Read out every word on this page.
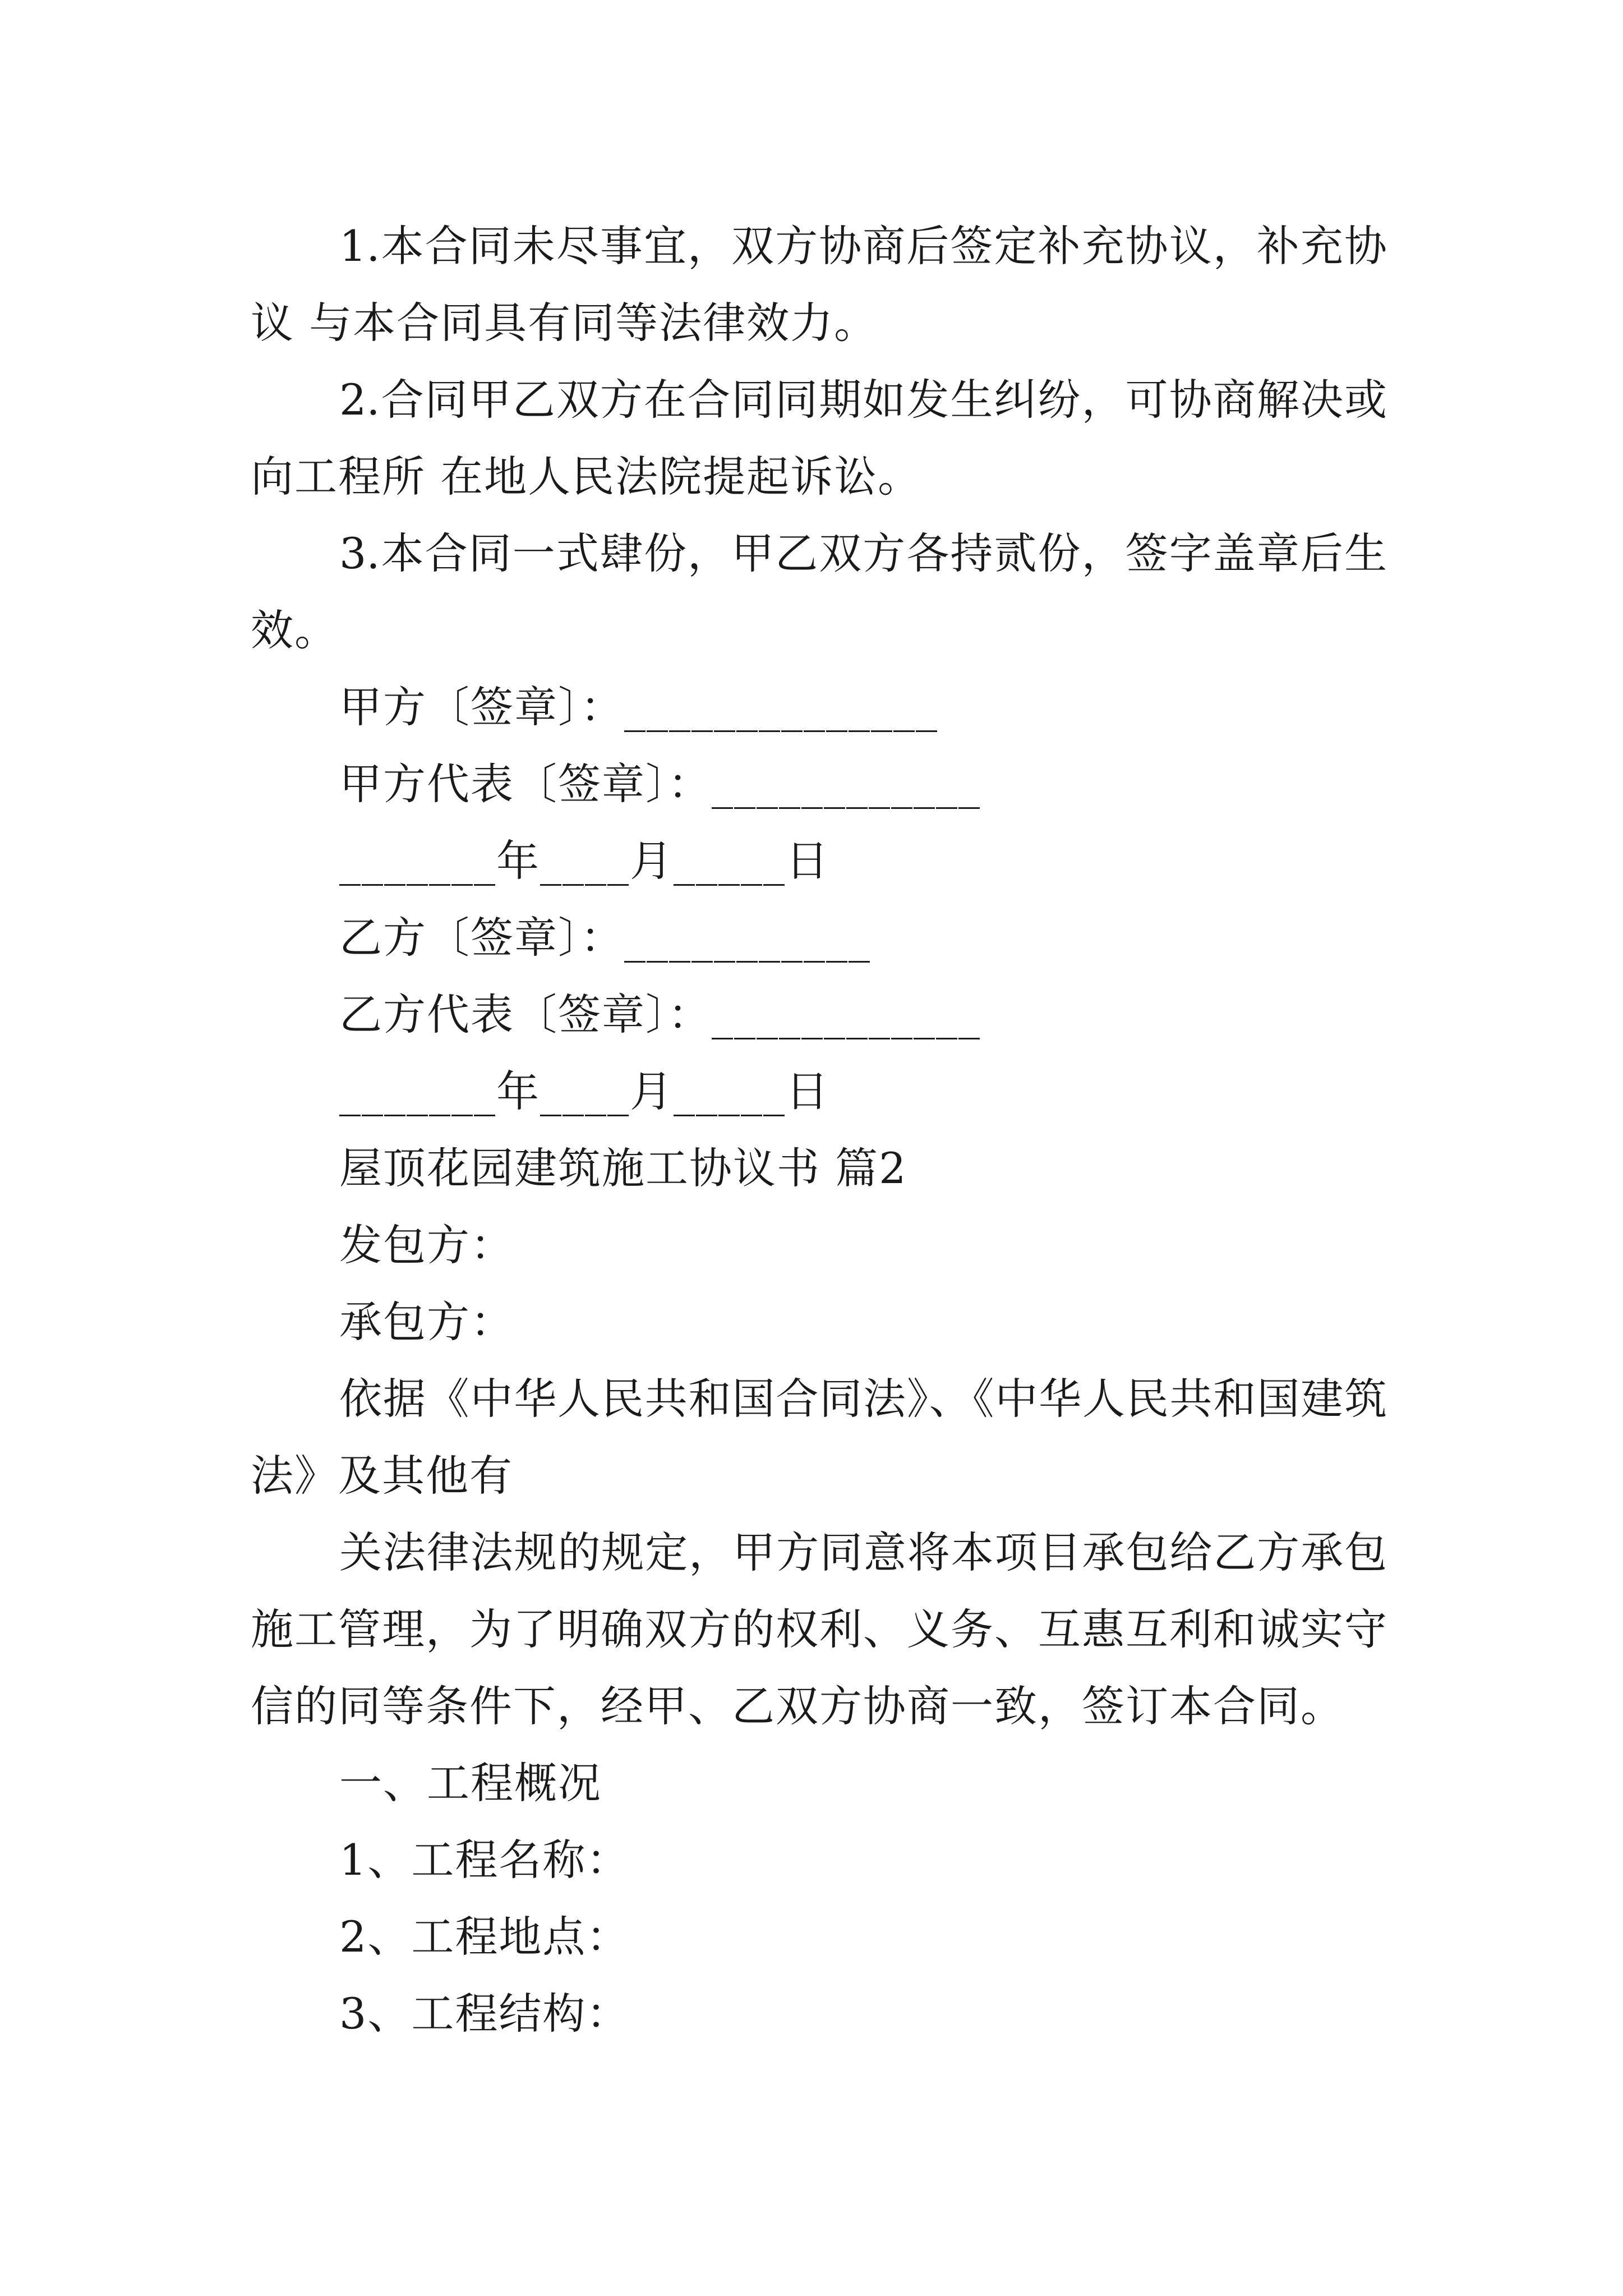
1.本合同未尽事宜，双方协商后签定补充协议，补充协
议 与本合同具有同等法律效力。
2.合同甲乙双方在合同同期如发生纠纷，可协商解决或
向工程所 在地人民法院提起诉讼。
3.本合同一式肆份，甲乙双方各持贰份，签字盖章后生
效。
甲方〔签章〕：______________
甲方代表〔签章〕：____________
_______年____月_____日
乙方〔签章〕：___________
乙方代表〔签章〕：____________
_______年____月_____日
屋顶花园建筑施工协议书 篇2
发包方：
承包方：
依据《中华人民共和国合同法》、《中华人民共和国建筑
法》及其他有
关法律法规的规定，甲方同意将本项目承包给乙方承包
施工管理，为了明确双方的权利、义务、互惠互利和诚实守
信的同等条件下，经甲、乙双方协商一致，签订本合同。
一、工程概况
1、工程名称：
2、工程地点：
3、工程结构：
